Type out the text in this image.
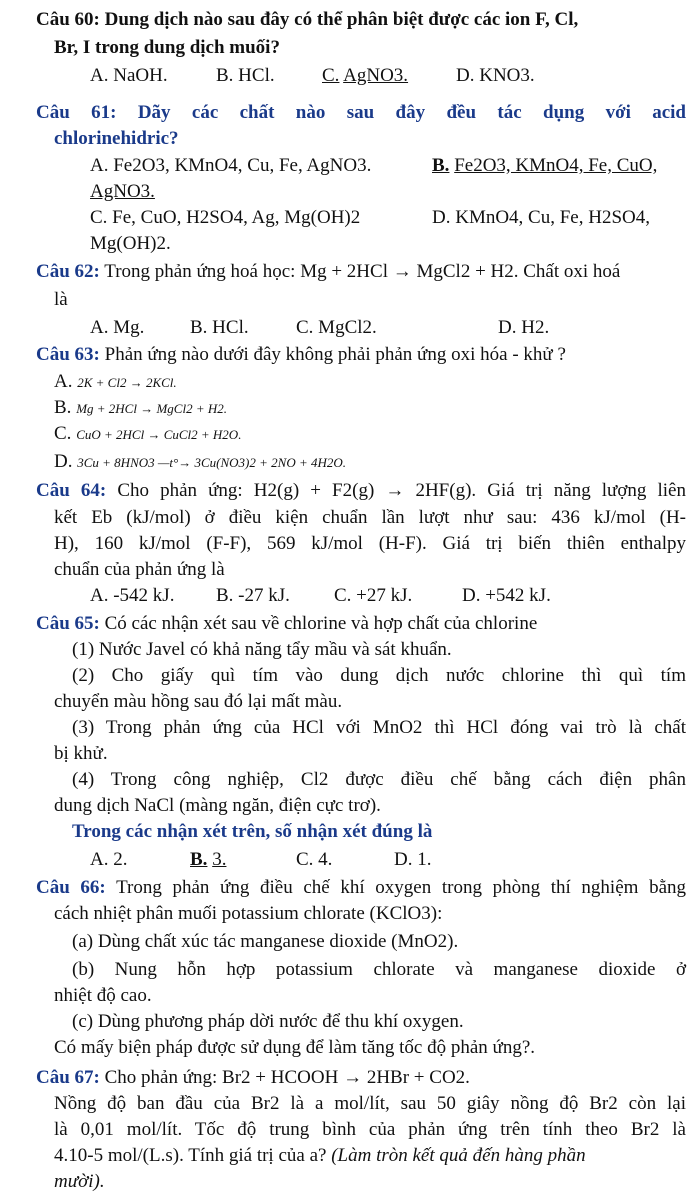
Câu 60: Dung dịch nào sau đây có thể phân biệt được các ion F, Cl,
Br, I trong dung dịch muối?
A. NaOH.	B. HCl. C. AgNO3.	D. KNO3.
Câu 61: Dãy các chất nào sau đây đều tác dụng với acid
chlorinehidric?
A. Fe2O3, KMnO4, Cu, Fe, AgNO3.	B. Fe2O3, KMnO4, Fe, CuO,
AgNO3.
C. Fe, CuO, H2SO4, Ag, Mg(OH)2	D. KMnO4, Cu, Fe, H2SO4,
Mg(OH)2.
Câu 62: Trong phản ứng hoá học: Mg + 2HCl → MgCl2 + H2. Chất oxi hoá
là
A. Mg. B. HCl. C. MgCl2.	D. H2.
Câu 63: Phản ứng nào dưới đây không phải phản ứng oxi hóa - khử ?
A. 2K + Cl2 → 2KCl.
B. Mg + 2HCl → MgCl2 + H2.
C. CuO + 2HCl → CuCl2 + H2O.
D. 3Cu + 8HNO3 —t°→ 3Cu(NO3)2 + 2NO + 4H2O.
Câu 64: Cho phản ứng: H2(g) + F2(g) → 2HF(g). Giá trị năng lượng liên
kết Eb (kJ/mol) ở điều kiện chuẩn lần lượt như sau: 436 kJ/mol (H-
H), 160 kJ/mol (F-F), 569 kJ/mol (H-F). Giá trị biến thiên enthalpy
chuẩn của phản ứng là
A. -542 kJ. B. -27 kJ. C. +27 kJ.	D. +542 kJ.
Câu 65: Có các nhận xét sau về chlorine và hợp chất của chlorine
(1) Nước Javel có khả năng tẩy mầu và sát khuẩn.
(2) Cho giấy quì tím vào dung dịch nước chlorine thì quì tím
chuyển màu hồng sau đó lại mất màu.
(3) Trong phản ứng của HCl với MnO2 thì HCl đóng vai trò là chất
bị khử.
(4) Trong công nghiệp, Cl2 được điều chế bằng cách điện phân
dung dịch NaCl (màng ngăn, điện cực trơ).
Trong các nhận xét trên, số nhận xét đúng là
A. 2.	B. 3.	C. 4.	D. 1.
Câu 66: Trong phản ứng điều chế khí oxygen trong phòng thí nghiệm bằng
cách nhiệt phân muối potassium chlorate (KClO3):
(a) Dùng chất xúc tác manganese dioxide (MnO2).
(b) Nung hỗn hợp potassium chlorate và manganese dioxide ở
nhiệt độ cao.
(c) Dùng phương pháp dời nước để thu khí oxygen.
Có mấy biện pháp được sử dụng để làm tăng tốc độ phản ứng?.
Câu 67: Cho phản ứng: Br2 + HCOOH → 2HBr + CO2.
Nồng độ ban đầu của Br2 là a mol/lít, sau 50 giây nồng độ Br2 còn lại
là 0,01 mol/lít. Tốc độ trung bình của phản ứng trên tính theo Br2 là
4.10-5 mol/(L.s). Tính giá trị của a? (Làm tròn kết quả đến hàng phần
mười).
